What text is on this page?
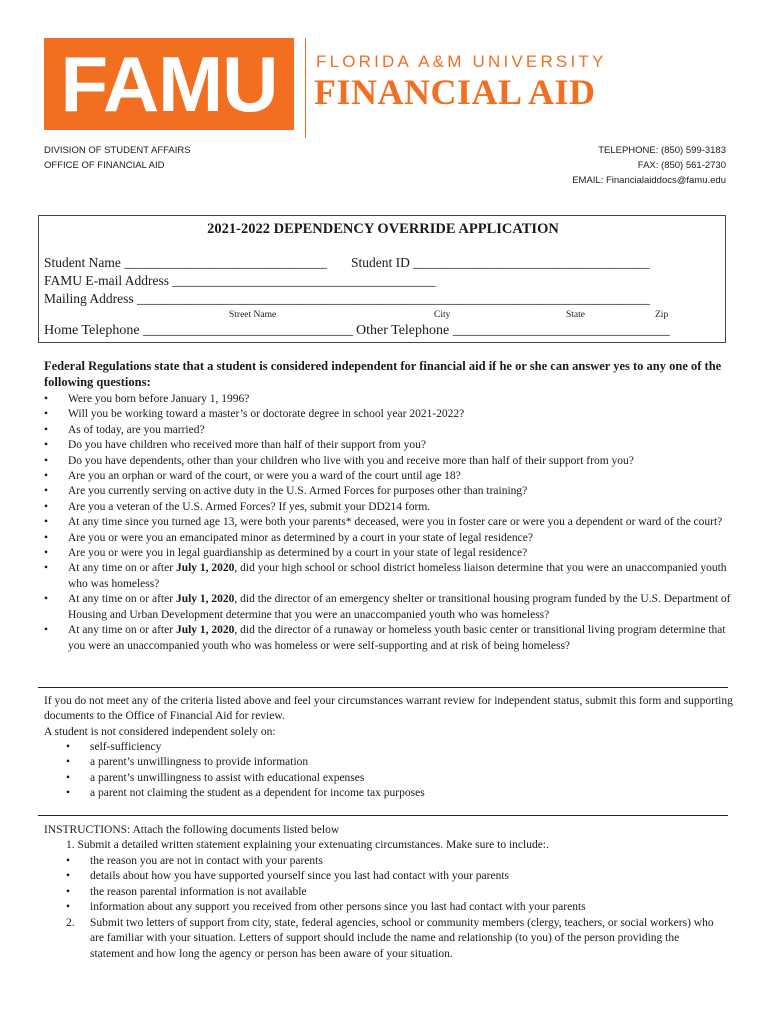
FAMU	FLORIDA A&M UNIVERSITY
FINANCIAL AID
DIVISION OF STUDENT AFFAIRS
OFFICE OF FINANCIAL AID
TELEPHONE: (850) 599-3183
FAX: (850) 561-2730
EMAIL: Financialaiddocs@famu.edu
2021-2022 DEPENDENCY OVERRIDE APPLICATION
Student Name ______________________________ Student ID ___________________________________
FAMU E-mail Address _______________________________________
Mailing Address ____________________________________________________________________________
Street Name	City	State	Zip
Home Telephone ______________________________ Other Telephone _______________________________
Federal Regulations state that a student is considered independent for financial aid if he or she can answer yes to any one of the following questions:
• Were you born before January 1, 1996?
• Will you be working toward a master’s or doctorate degree in school year 2021-2022?
• As of today, are you married?
• Do you have children who received more than half of their support from you?
• Do you have dependents, other than your children who live with you and receive more than half of their support from you?
• Are you an orphan or ward of the court, or were you a ward of the court until age 18?
• Are you currently serving on active duty in the U.S. Armed Forces for purposes other than training?
• Are you a veteran of the U.S. Armed Forces? If yes, submit your DD214 form.
• At any time since you turned age 13, were both your parents* deceased, were you in foster care or were you a dependent or ward of the court?
• Are you or were you an emancipated minor as determined by a court in your state of legal residence?
• Are you or were you in legal guardianship as determined by a court in your state of legal residence?
• At any time on or after July 1, 2020, did your high school or school district homeless liaison determine that you were an unaccompanied youth who was homeless?
• At any time on or after July 1, 2020, did the director of an emergency shelter or transitional housing program funded by the U.S. Department of Housing and Urban Development determine that you were an unaccompanied youth who was homeless?
• At any time on or after July 1, 2020, did the director of a runaway or homeless youth basic center or transitional living program determine that you were an unaccompanied youth who was homeless or were self-supporting and at risk of being homeless?
If you do not meet any of the criteria listed above and feel your circumstances warrant review for independent status, submit this form and supporting documents to the Office of Financial Aid for review.
A student is not considered independent solely on:
• self-sufficiency
• a parent’s unwillingness to provide information
• a parent’s unwillingness to assist with educational expenses
• a parent not claiming the student as a dependent for income tax purposes
INSTRUCTIONS: Attach the following documents listed below
1. Submit a detailed written statement explaining your extenuating circumstances. Make sure to include:.
• the reason you are not in contact with your parents
• details about how you have supported yourself since you last had contact with your parents
• the reason parental information is not available
• information about any support you received from other persons since you last had contact with your parents
2. Submit two letters of support from city, state, federal agencies, school or community members (clergy, teachers, or social workers) who are familiar with your situation. Letters of support should include the name and relationship (to you) of the person providing the statement and how long the agency or person has been aware of your situation.
